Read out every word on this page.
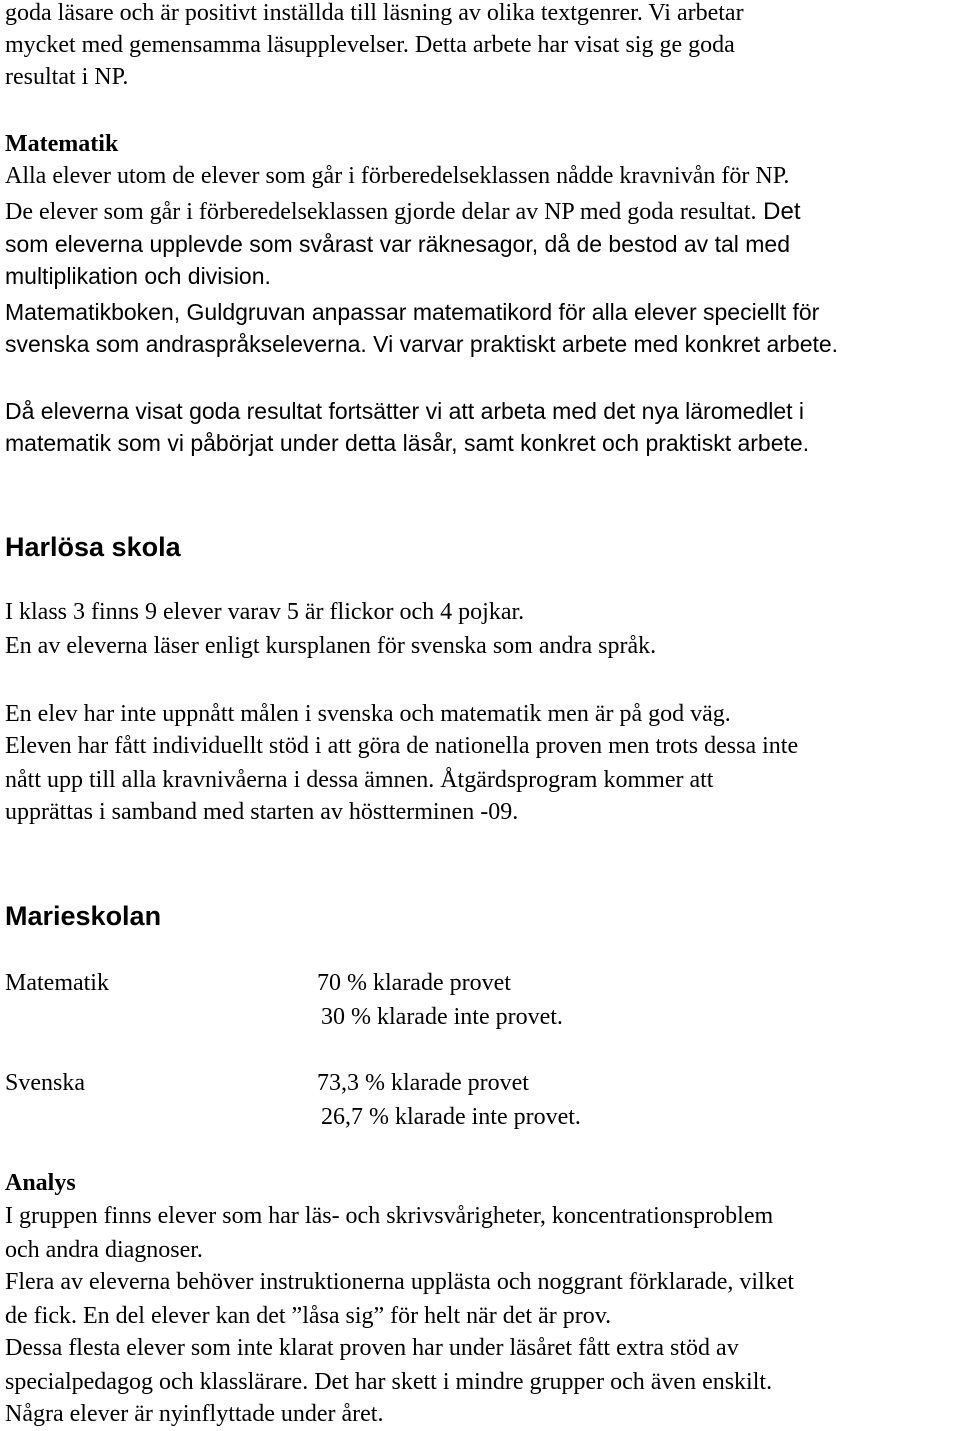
goda läsare och är positivt inställda till läsning av olika textgenrer. Vi arbetar
mycket med gemensamma läsupplevelser. Detta arbete har visat sig ge goda
resultat i NP.
Matematik
Alla elever utom de elever som går i förberedelseklassen nådde kravnivån för NP.
De elever som går i förberedelseklassen gjorde delar av NP med goda resultat. Det
som eleverna upplevde som svårast var räknesagor, då de bestod av tal med
multiplikation och division.
Matematikboken, Guldgruvan anpassar matematikord för alla elever speciellt för
svenska som andraspråkseleverna. Vi varvar praktiskt arbete med konkret arbete.
Då eleverna visat goda resultat fortsätter vi att arbeta med det nya läromedlet i
matematik som vi påbörjat under detta läsår, samt konkret och praktiskt arbete.
Harlösa skola
I klass 3 finns 9 elever varav 5 är flickor och 4 pojkar.
En av eleverna läser enligt kursplanen för svenska som andra språk.
En elev har inte uppnått målen i svenska och matematik men är på god väg.
Eleven har fått individuellt stöd i att göra de nationella proven men trots dessa inte
nått upp till alla kravnivåerna i dessa ämnen. Åtgärdsprogram kommer att
upprättas i samband med starten av höstterminen -09.
Marieskolan
Matematik	70 % klarade provet
30 % klarade inte provet.
Svenska	73,3 % klarade provet
26,7 % klarade inte provet.
Analys
I gruppen finns elever som har läs- och skrivsvårigheter, koncentrationsproblem
och andra diagnoser.
Flera av eleverna behöver instruktionerna upplästa och noggrant förklarade, vilket
de fick. En del elever kan det ”låsa sig” för helt när det är prov.
Dessa flesta elever som inte klarat proven har under läsåret fått extra stöd av
specialpedagog och klasslärare. Det har skett i mindre grupper och även enskilt.
Några elever är nyinflyttade under året.
